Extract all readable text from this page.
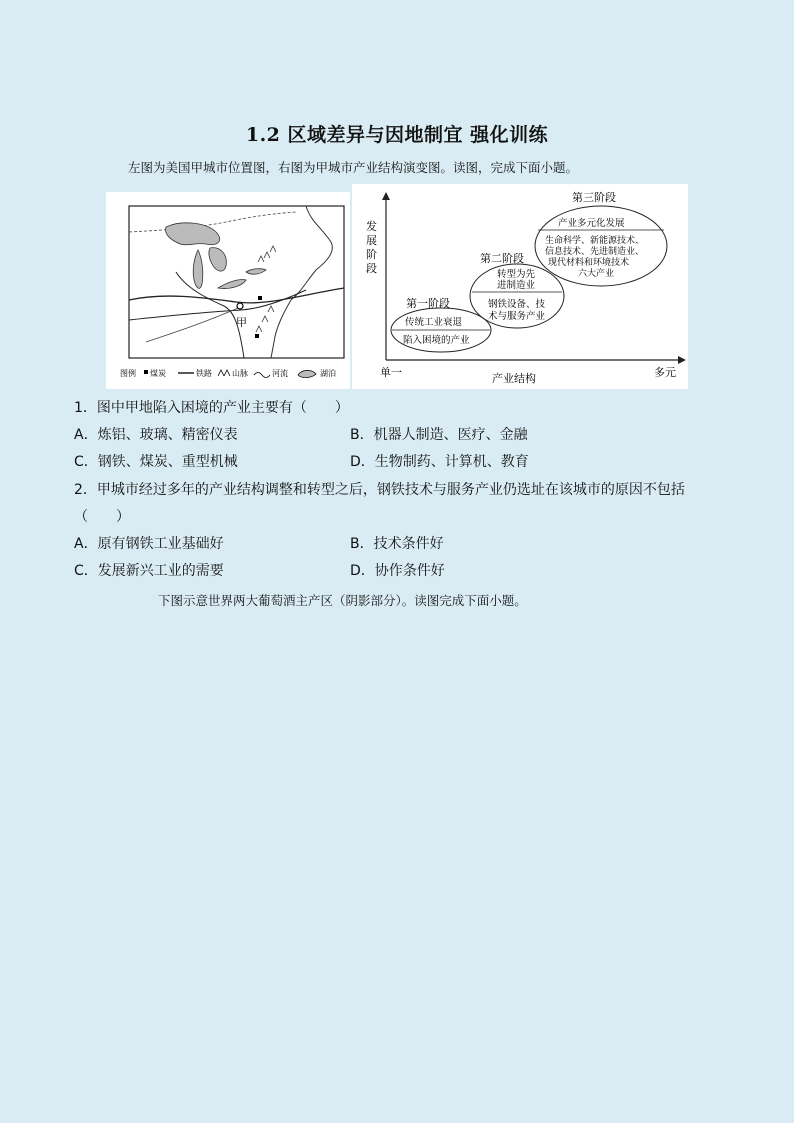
1.2 区域差异与因地制宜 强化训练
左图为美国甲城市位置图，右图为甲城市产业结构演变图。读图，完成下面小题。
甲
图例 煤炭	铁路	山脉	河流	湖泊
发 展 阶 段
单一	产业结构	多元
第一阶段
传统工业衰退
陷入困境的产业
第二阶段
转型为先 进制造业
钢铁设备、技 术与服务产业
第三阶段
产业多元化发展
生命科学、新能源技术、 信息技术、先进制造业、 现代材料和环境技术 六大产业
1．图中甲地陷入困境的产业主要有（　　）
A．炼铝、玻璃、精密仪表	B．机器人制造、医疗、金融
C．钢铁、煤炭、重型机械	D．生物制药、计算机、教育
2．甲城市经过多年的产业结构调整和转型之后，钢铁技术与服务产业仍选址在该城市的原因不包括
（　　）
A．原有钢铁工业基础好	B．技术条件好
C．发展新兴工业的需要	D．协作条件好
下图示意世界两大葡萄酒主产区（阴影部分）。读图完成下面小题。
